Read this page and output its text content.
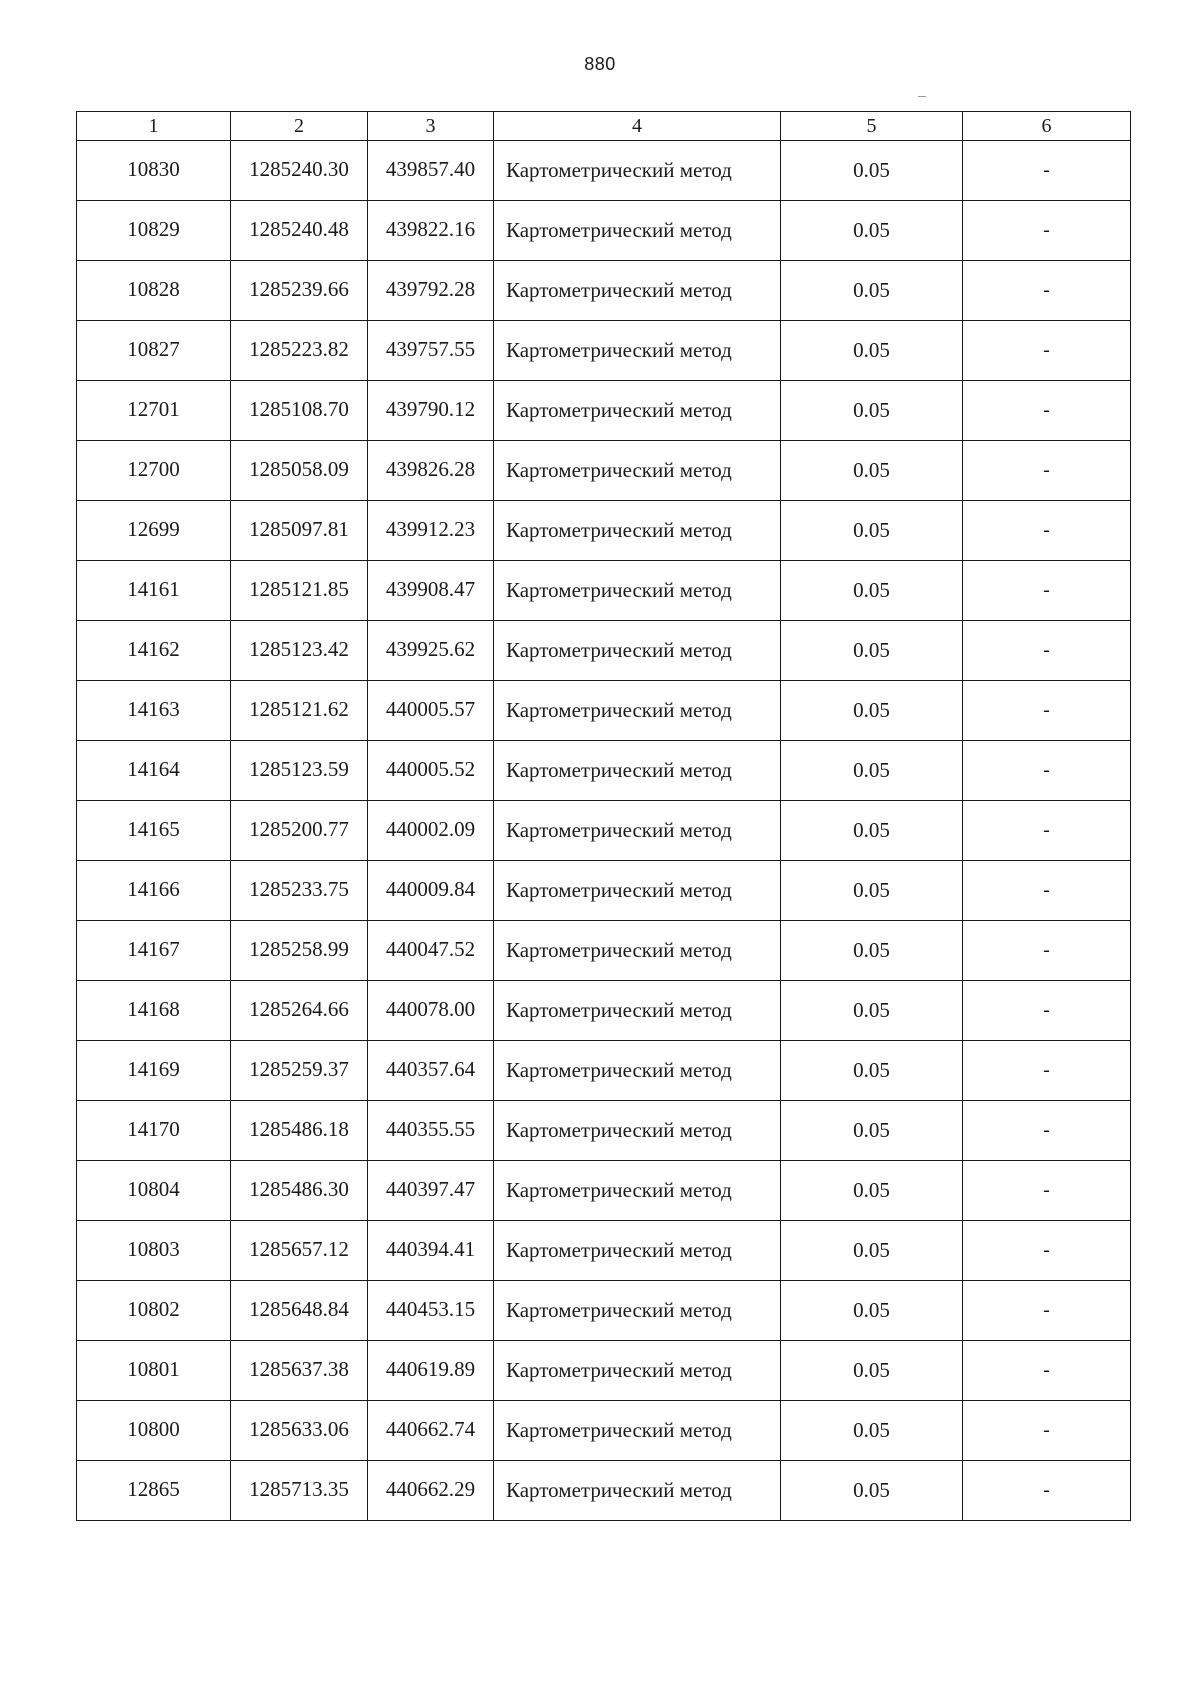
880
1	2	3	4	5	6
10830	1285240.30	439857.40	Картометрический метод	0.05	-
10829	1285240.48	439822.16	Картометрический метод	0.05	-
10828	1285239.66	439792.28	Картометрический метод	0.05	-
10827	1285223.82	439757.55	Картометрический метод	0.05	-
12701	1285108.70	439790.12	Картометрический метод	0.05	-
12700	1285058.09	439826.28	Картометрический метод	0.05	-
12699	1285097.81	439912.23	Картометрический метод	0.05	-
14161	1285121.85	439908.47	Картометрический метод	0.05	-
14162	1285123.42	439925.62	Картометрический метод	0.05	-
14163	1285121.62	440005.57	Картометрический метод	0.05	-
14164	1285123.59	440005.52	Картометрический метод	0.05	-
14165	1285200.77	440002.09	Картометрический метод	0.05	-
14166	1285233.75	440009.84	Картометрический метод	0.05	-
14167	1285258.99	440047.52	Картометрический метод	0.05	-
14168	1285264.66	440078.00	Картометрический метод	0.05	-
14169	1285259.37	440357.64	Картометрический метод	0.05	-
14170	1285486.18	440355.55	Картометрический метод	0.05	-
10804	1285486.30	440397.47	Картометрический метод	0.05	-
10803	1285657.12	440394.41	Картометрический метод	0.05	-
10802	1285648.84	440453.15	Картометрический метод	0.05	-
10801	1285637.38	440619.89	Картометрический метод	0.05	-
10800	1285633.06	440662.74	Картометрический метод	0.05	-
12865	1285713.35	440662.29	Картометрический метод	0.05	-
